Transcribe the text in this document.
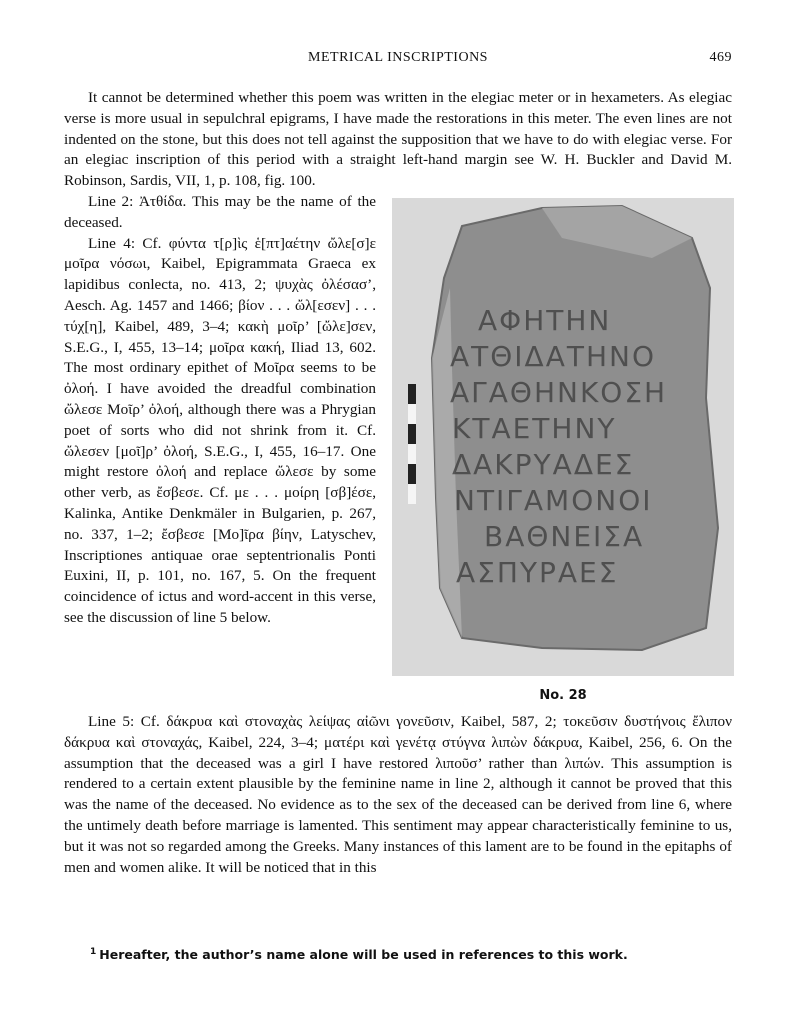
METRICAL INSCRIPTIONS	469

It cannot be determined whether this poem was written in the elegiac meter or in hexameters. As elegiac verse is more usual in sepulchral epigrams, I have made the restorations in this meter. The even lines are not indented on the stone, but this does not tell against the supposition that we have to do with elegiac verse. For an elegiac inscription of this period with a straight left-hand margin see W. H. Buckler and David M. Robinson, Sardis, VII, 1, p. 108, fig. 100.

Line 2: Ἀτθίδα. This may be the name of the deceased.

Line 4: Cf. φύντα τ[ρ]ὶς ἑ[πτ]αέτην ὤλε[σ]ε μοῖρα νόσωι, Kaibel, Epigrammata Graeca ex lapidibus conlecta, no. 413, 2; ψυχὰς ὀλέσασ’, Aesch. Ag. 1457 and 1466; βίον . . . ὤλ[εσεν] . . . τύχ[η], Kaibel, 489, 3–4; κακὴ μοῖρ’ [ὤλε]σεν, S.E.G., I, 455, 13–14; μοῖρα κακή, Iliad 13, 602. The most ordinary epithet of Μοῖρα seems to be ὀλοή. I have avoided the dreadful combination ὤλεσε Μοῖρ’ ὀλοή, although there was a Phrygian poet of sorts who did not shrink from it. Cf. ὤλεσεν [μοῖ]ρ’ ὀλοή, S.E.G., I, 455, 16–17. One might restore ὀλοή and replace ὤλεσε by some other verb, as ἔσβεσε. Cf. με . . . μοίρη [σβ]έσε, Kalinka, Antike Denkmäler in Bulgarien, p. 267, no. 337, 1–2; ἔσβεσε [Μο]ῖρα βίην, Latyschev, Inscriptiones antiquae orae septentrionalis Ponti Euxini, II, p. 101, no. 167, 5. On the frequent coincidence of ictus and word-accent in this verse, see the discussion of line 5 below.

ΑΦΗΤΗΝ
ΑΤΘΙΔΑΤΗΝΟ
ΑΓΑΘΗΝΚΟΣΗ
ΚΤΑΕΤΗΝΥ
ΔΑΚΡΥΑΔΕΣ
ΝΤΙΓΑΜΟΝΟΙ
ΒΑΘΝΕΙΣΑ
ΑΣΠΥΡΑΕΣ
No. 28

Line 5: Cf. δάκρυα καὶ στοναχὰς λείψας αἰῶνι γονεῦσιν, Kaibel, 587, 2; τοκεῦσιν δυστήνοις ἔλιπον δάκρυα καὶ στοναχάς, Kaibel, 224, 3–4; ματέρι καὶ γενέτᾳ στύγνα λιπὼν δάκρυα, Kaibel, 256, 6. On the assumption that the deceased was a girl I have restored λιποῦσ’ rather than λιπών. This assumption is rendered to a certain extent plausible by the feminine name in line 2, although it cannot be proved that this was the name of the deceased. No evidence as to the sex of the deceased can be derived from line 6, where the untimely death before marriage is lamented. This sentiment may appear characteristically feminine to us, but it was not so regarded among the Greeks. Many instances of this lament are to be found in the epitaphs of men and women alike. It will be noticed that in this

$^1$ Hereafter, the author’s name alone will be used in references to this work.
